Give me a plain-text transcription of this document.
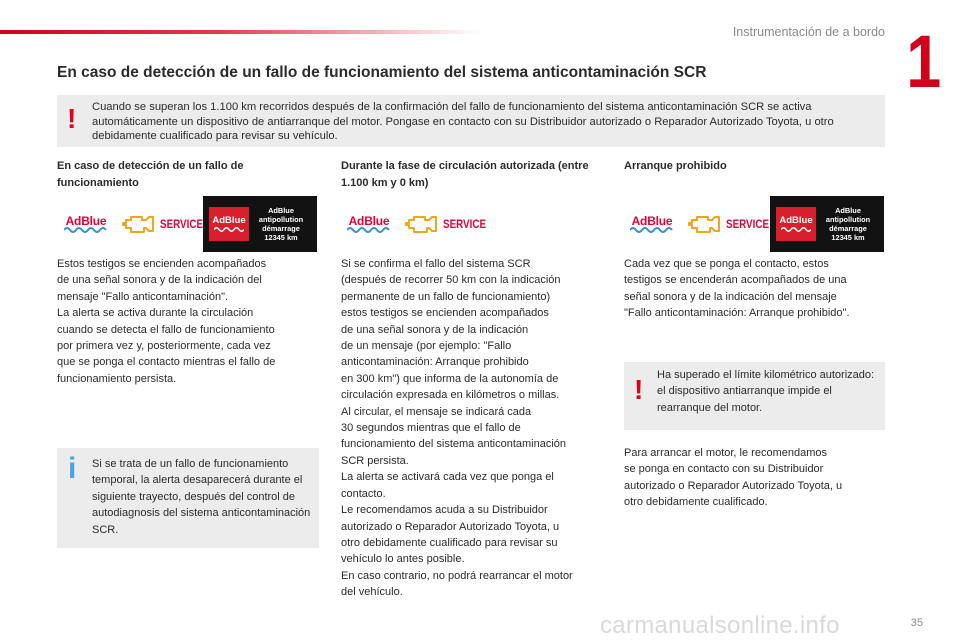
Instrumentación de a bordo 1
En caso de detección de un fallo de funcionamiento del sistema anticontaminación SCR
! Cuando se superan los 1.100 km recorridos después de la confirmación del fallo de funcionamiento del sistema anticontaminación SCR se activa automáticamente un dispositivo de antiarranque del motor. Pongase en contacto con su Distribuidor autorizado o Reparador Autorizado Toyota, u otro debidamente cualificado para revisar su vehículo.
En caso de detección de un fallo de funcionamiento
Durante la fase de circulación autorizada (entre 1.100 km y 0 km)
Arranque prohibido
AdBlue	SERVICE AdBlue
AdBlue
antipollution
démarrage
12345 km
AdBlue	SERVICE	AdBlue	SERVICE AdBlue
AdBlue
antipollution
démarrage
12345 km
Estos testigos se encienden acompañados
de una señal sonora y de la indicación del
mensaje "Fallo anticontaminación".
La alerta se activa durante la circulación
cuando se detecta el fallo de funcionamiento
por primera vez y, posteriormente, cada vez
que se ponga el contacto mientras el fallo de
funcionamiento persista.
Si se confirma el fallo del sistema SCR
(después de recorrer 50 km con la indicación
permanente de un fallo de funcionamiento)
estos testigos se encienden acompañados
de una señal sonora y de la indicación
de un mensaje (por ejemplo: "Fallo
anticontaminación: Arranque prohibido
en 300 km") que informa de la autonomía de
circulación expresada en kilómetros o millas.
Al circular, el mensaje se indicará cada
30 segundos mientras que el fallo de
funcionamiento del sistema anticontaminación
SCR persista.
La alerta se activará cada vez que ponga el
contacto.
Le recomendamos acuda a su Distribuidor
autorizado o Reparador Autorizado Toyota, u
otro debidamente cualificado para revisar su
vehículo lo antes posible.
En caso contrario, no podrá rearrancar el motor
del vehículo.
Cada vez que se ponga el contacto, estos
testigos se encenderán acompañados de una
señal sonora y de la indicación del mensaje
"Fallo anticontaminación: Arranque prohibido".
i Si se trata de un fallo de funcionamiento temporal, la alerta desaparecerá durante el siguiente trayecto, después del control de autodiagnosis del sistema anticontaminación SCR.
! Ha superado el límite kilométrico autorizado: el dispositivo antiarranque impide el rearranque del motor.
Para arrancar el motor, le recomendamos
se ponga en contacto con su Distribuidor
autorizado o Reparador Autorizado Toyota, u
otro debidamente cualificado.
carmanualsonline.info	35
